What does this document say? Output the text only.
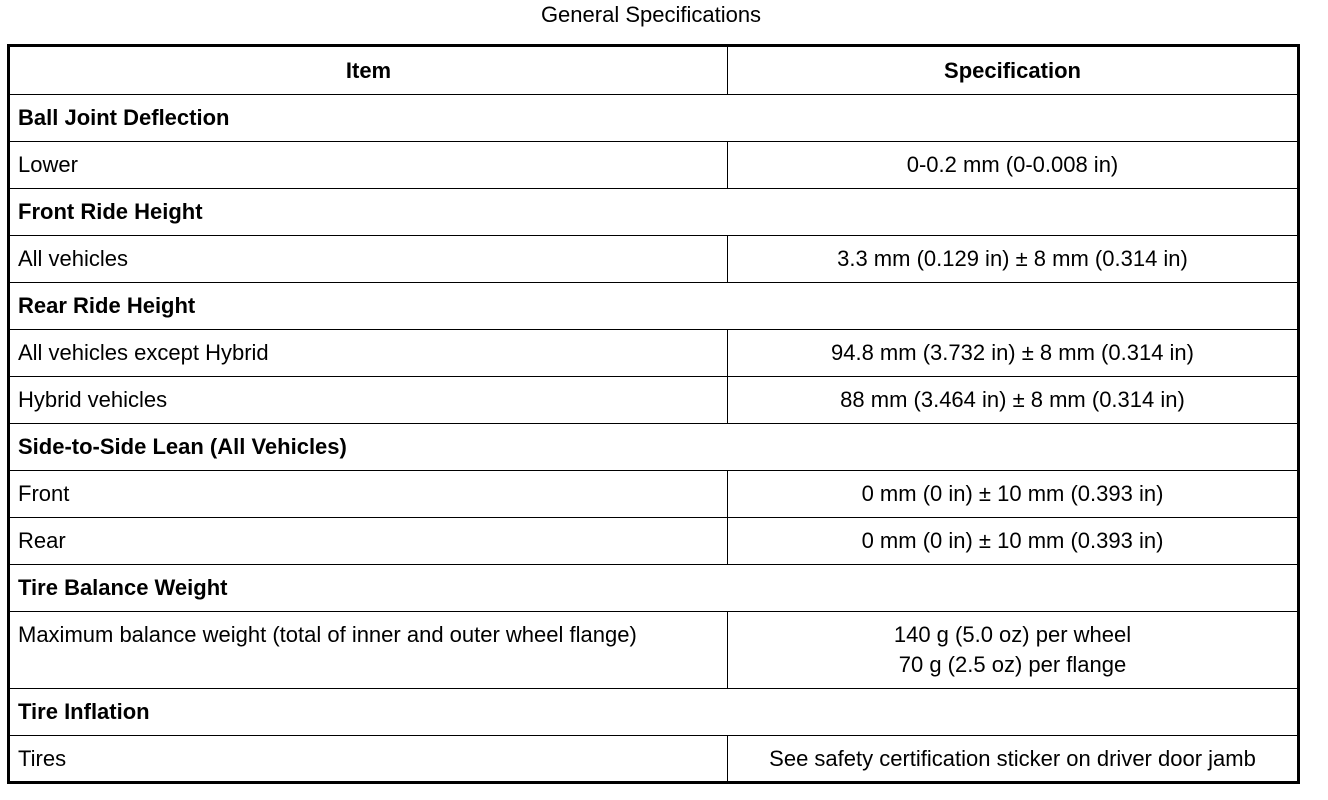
General Specifications
Item	Specification
Ball Joint Deflection	
Lower	0-0.2 mm (0-0.008 in)

Front Ride Height	
All vehicles	3.3 mm (0.129 in) ± 8 mm (0.314 in)

Rear Ride Height	
All vehicles except Hybrid	94.8 mm (3.732 in) ± 8 mm (0.314 in)

Hybrid vehicles	88 mm (3.464 in) ± 8 mm (0.314 in)

Side-to-Side Lean (All Vehicles)	
Front	0 mm (0 in) ± 10 mm (0.393 in)

Rear	0 mm (0 in) ± 10 mm (0.393 in)

Tire Balance Weight	
Maximum balance weight (total of inner and outer wheel flange)	140 g (5.0 oz) per wheel
70 g (2.5 oz) per flange

Tire Inflation	
Tires	See safety certification sticker on driver door jamb
